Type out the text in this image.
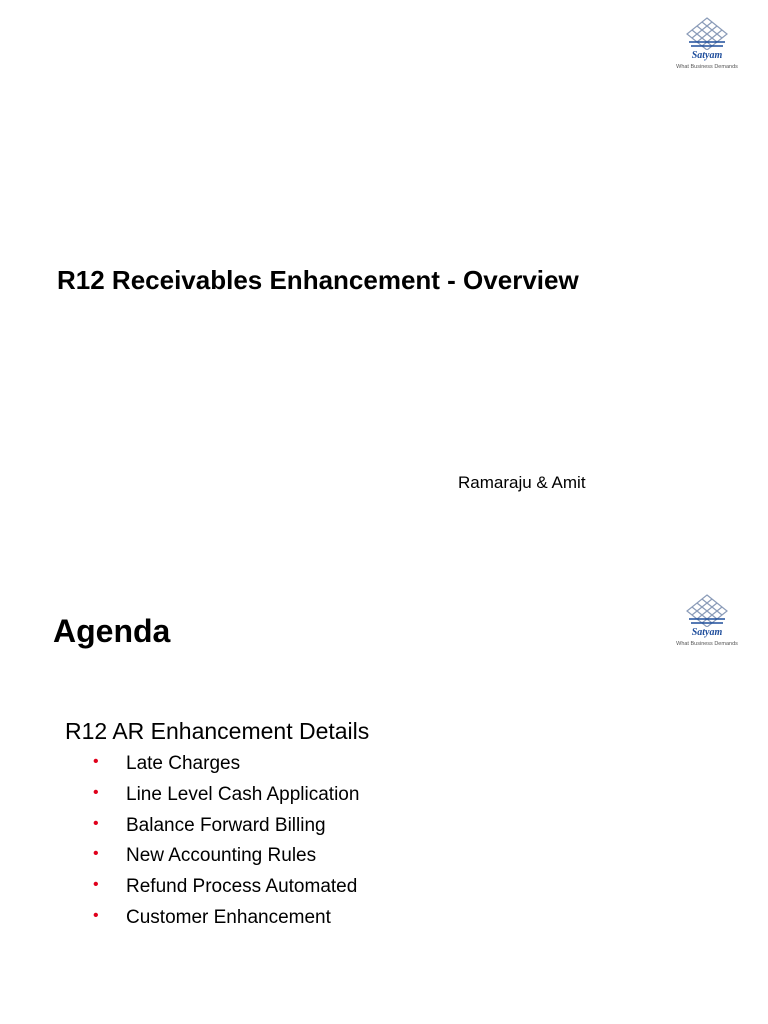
Satyam
What Business Demands
R12 Receivables Enhancement - Overview
Ramaraju & Amit
Agenda	Satyam
What Business Demands
R12 AR Enhancement Details
• Late Charges
• Line Level Cash Application
• Balance Forward Billing
• New Accounting Rules
• Refund Process Automated
• Customer Enhancement
